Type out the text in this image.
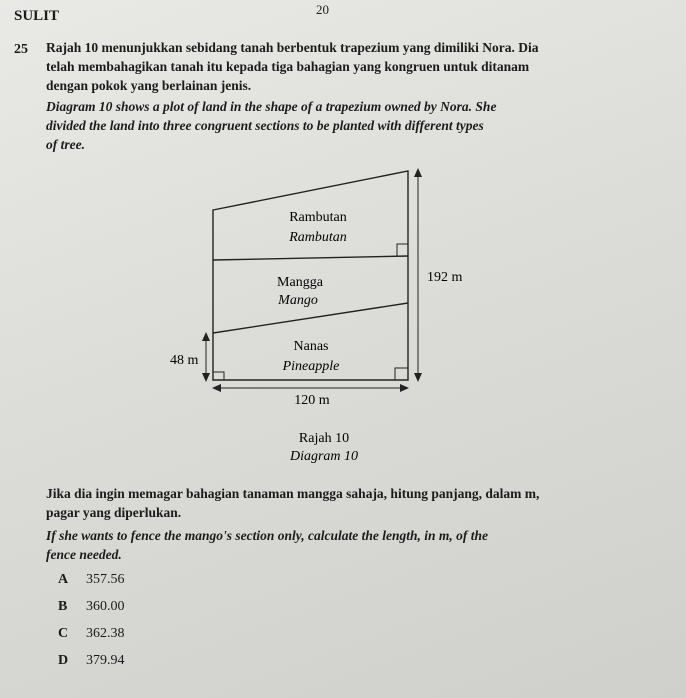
SULIT	20
25 Rajah 10 menunjukkan sebidang tanah berbentuk trapezium yang dimiliki Nora. Dia
telah membahagikan tanah itu kepada tiga bahagian yang kongruen untuk ditanam
dengan pokok yang berlainan jenis.
Diagram 10 shows a plot of land in the shape of a trapezium owned by Nora. She
divided the land into three congruent sections to be planted with different types
of tree.
Rambutan
Rambutan
Mangga
Mango
Nanas
Pineapple
192 m
48 m
120 m
Rajah 10
Diagram 10
Jika dia ingin memagar bahagian tanaman mangga sahaja, hitung panjang, dalam m,
pagar yang diperlukan.
If she wants to fence the mango's section only, calculate the length, in m, of the
fence needed.
A 357.56
B 360.00
C 362.38
D 379.94
